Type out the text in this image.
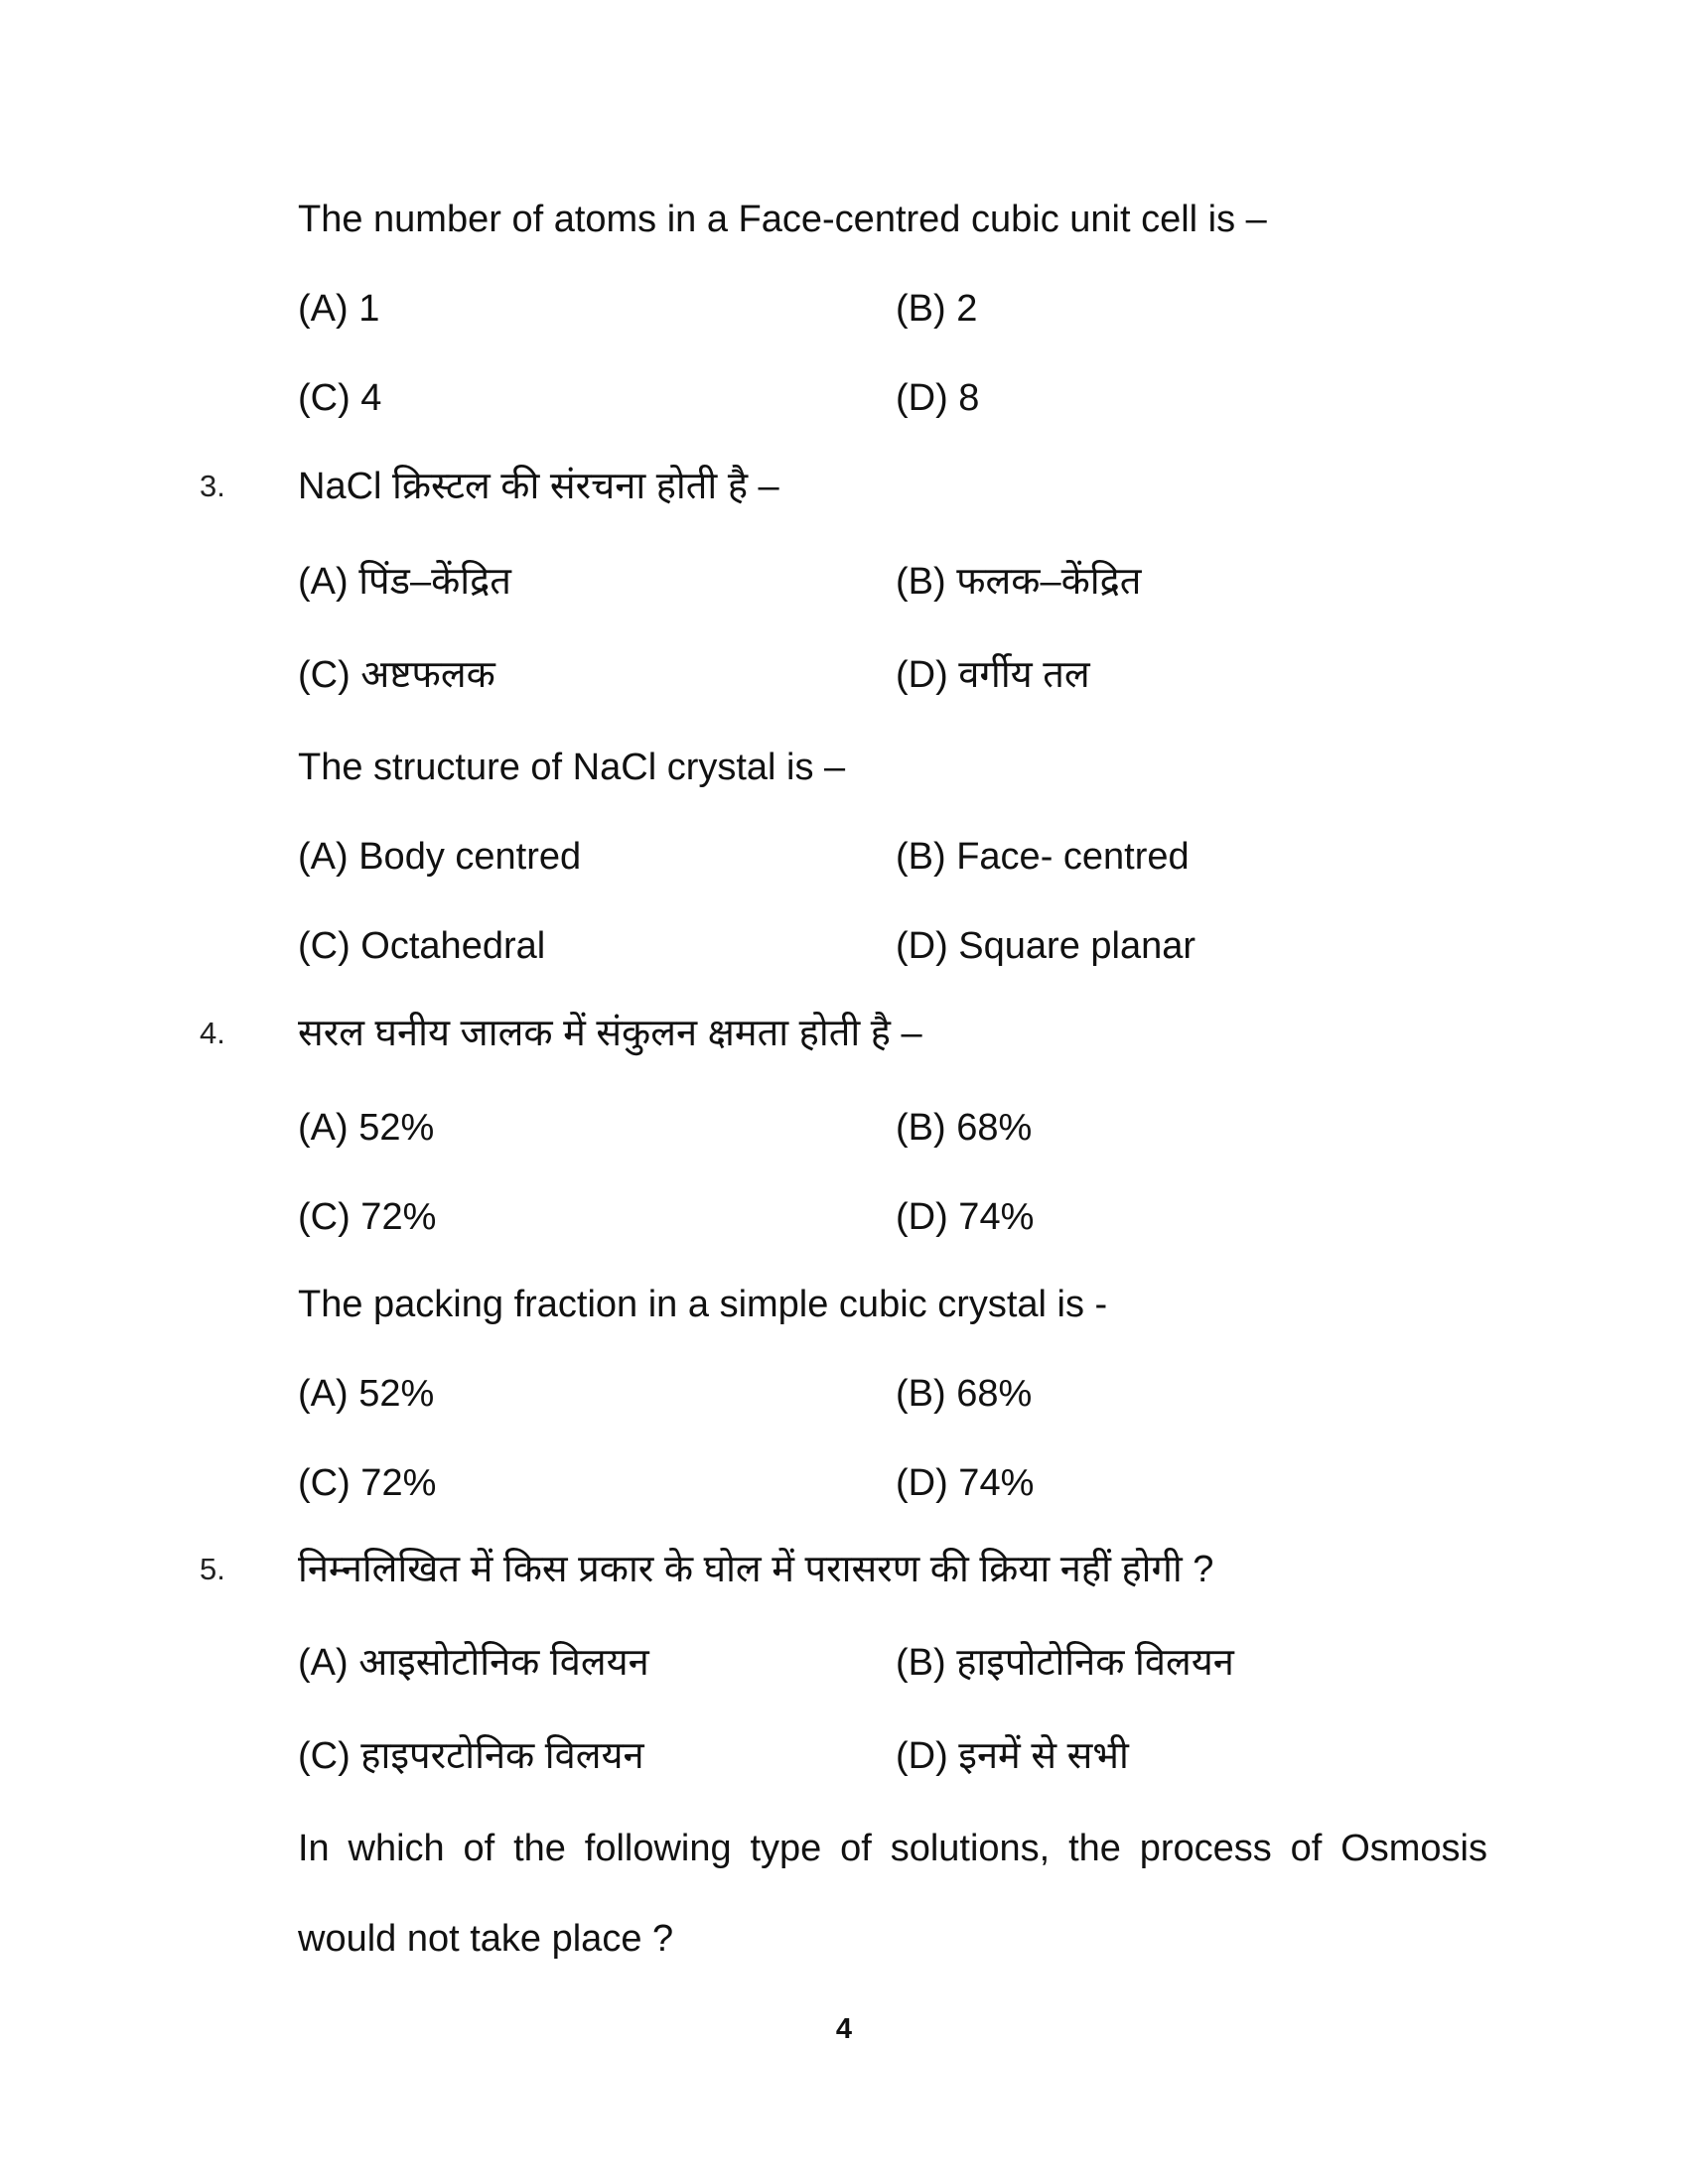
The number of atoms in a Face-centred cubic unit cell is –
(A) 1	(B) 2
(C) 4	(D) 8
3. NaCl क्रिस्टल की संरचना होती है –
(A) पिंड–केंद्रित	(B) फलक–केंद्रित
(C) अष्टफलक	(D) वर्गीय तल
The structure of NaCl crystal is –
(A) Body centred	(B) Face- centred
(C) Octahedral	(D) Square planar
4. सरल घनीय जालक में संकुलन क्षमता होती है –
(A) 52%	(B) 68%
(C) 72%	(D) 74%
The packing fraction in a simple cubic crystal is -
(A) 52%	(B) 68%
(C) 72%	(D) 74%
5. निम्नलिखित में किस प्रकार के घोल में परासरण की क्रिया नहीं होगी ?
(A) आइसोटोनिक विलयन	(B) हाइपोटोनिक विलयन
(C) हाइपरटोनिक विलयन	(D) इनमें से सभी
In which of the following type of solutions, the process of Osmosis
would not take place ?
4
